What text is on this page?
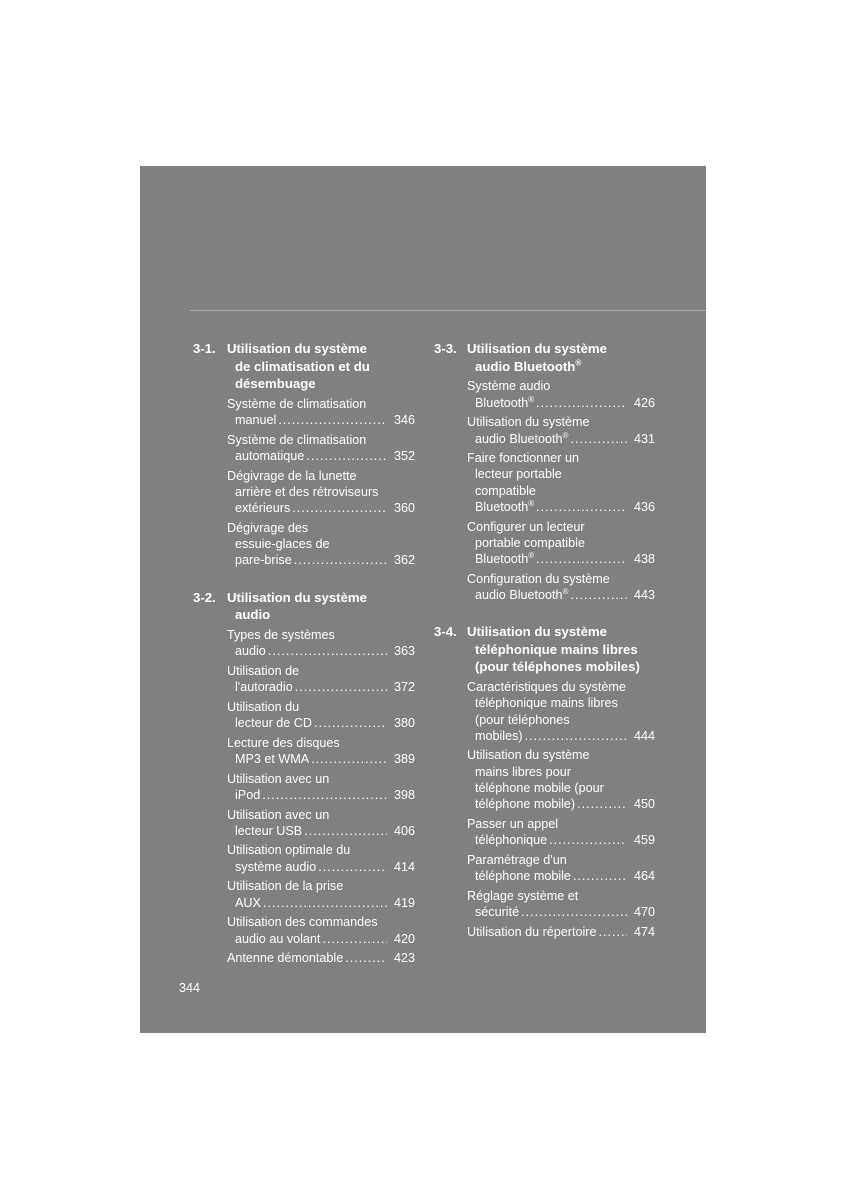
3-1. Utilisation du système

de climatisation et du
désembuage
Système de climatisation
manuel .....	346
Système de climatisation
automatique .....	352
Dégivrage de la lunette
arrière et des rétroviseurs
extérieurs .....	360
Dégivrage des
essuie-glaces de
pare-brise .....	362
3-2. Utilisation du système

audio
Types de systèmes
audio .....	363
Utilisation de
l'autoradio .....	372
Utilisation du
lecteur de CD .....	380
Lecture des disques
MP3 et WMA .....	389
Utilisation avec un
iPod .....	398
Utilisation avec un
lecteur USB .....	406
Utilisation optimale du
système audio .....	414
Utilisation de la prise
AUX .....	419
Utilisation des commandes
audio au volant .....	420
Antenne démontable .....	423
3-3. Utilisation du système

audio Bluetooth®
Système audio
Bluetooth® .....	426
Utilisation du système
audio Bluetooth® .....	431
Faire fonctionner un
lecteur portable
compatible
Bluetooth® .....	436
Configurer un lecteur
portable compatible
Bluetooth® .....	438
Configuration du système
audio Bluetooth® .....	443
3-4. Utilisation du système

téléphonique mains libres
(pour téléphones mobiles)
Caractéristiques du système
téléphonique mains libres
(pour téléphones
mobiles) .....	444
Utilisation du système
mains libres pour
téléphone mobile (pour
téléphone mobile) .....	450
Passer un appel
téléphonique .....	459
Paramétrage d'un
téléphone mobile .....	464
Réglage système et
sécurité .....	470
Utilisation du répertoire .....	474
344
